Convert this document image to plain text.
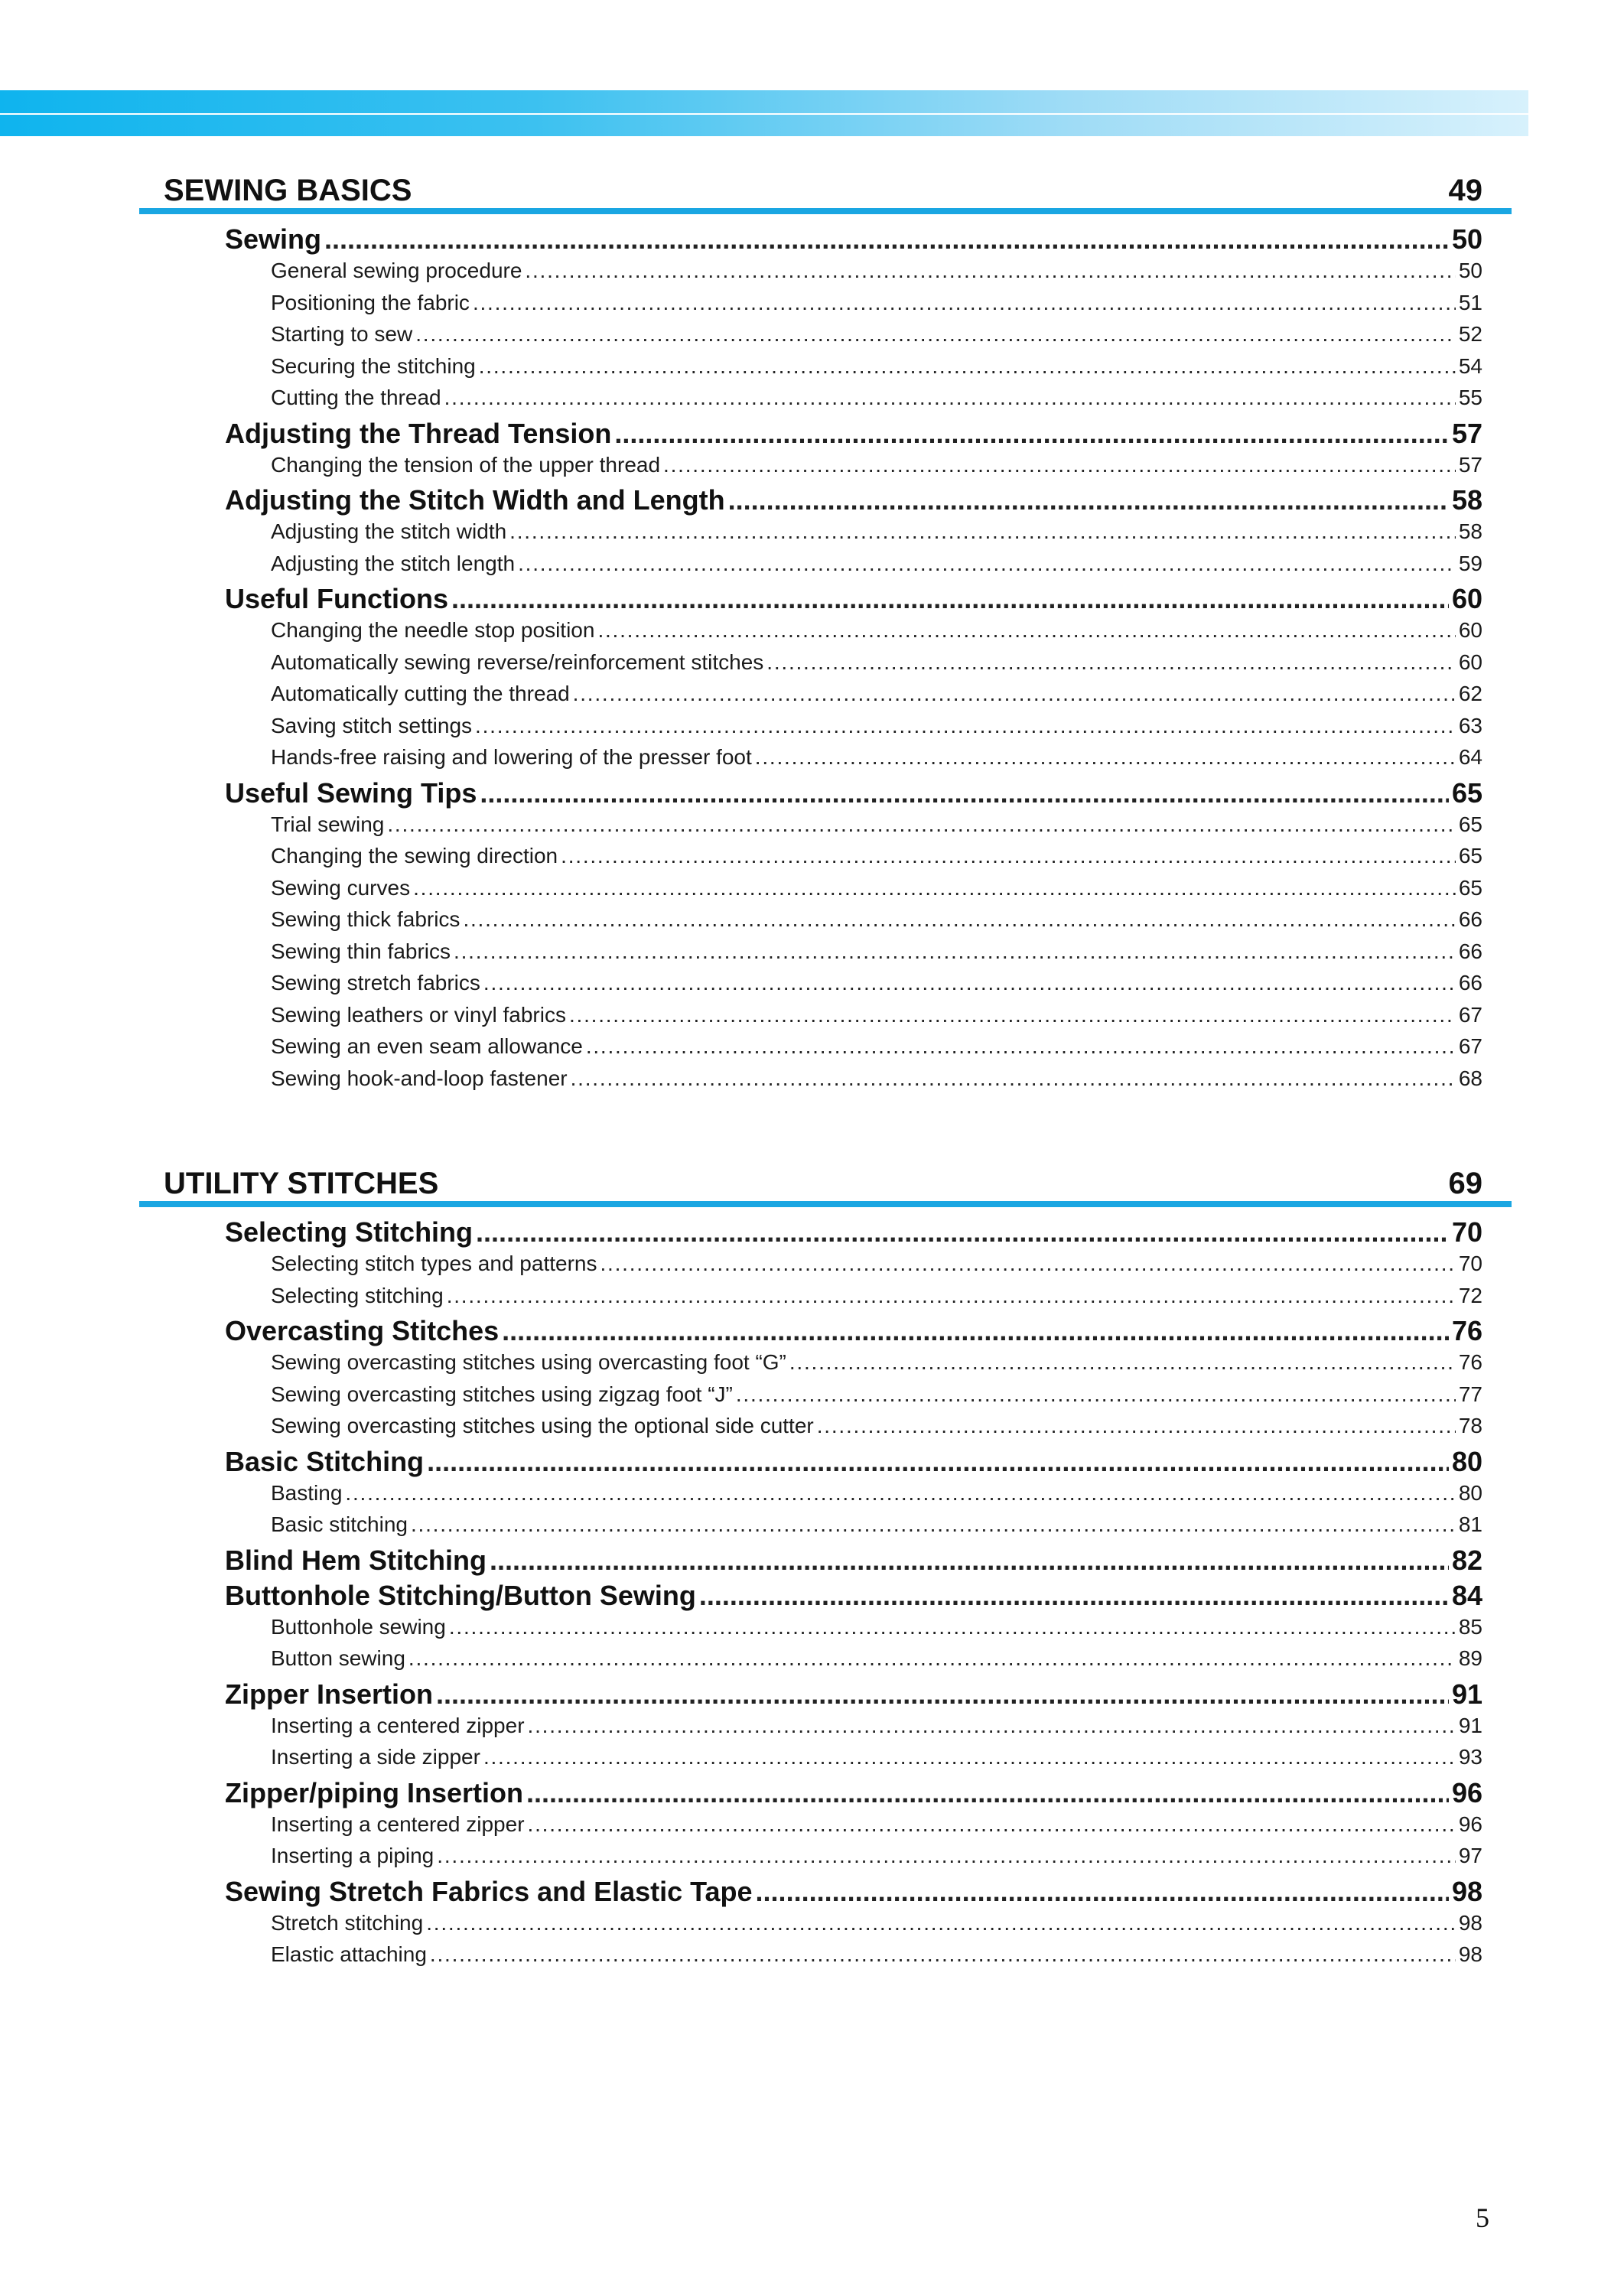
SEWING BASICS	49
Sewing . . .	50
General sewing procedure . . .	50
Positioning the fabric . . .	51
Starting to sew . . .	52
Securing the stitching . . .	54
Cutting the thread . . .	55
Adjusting the Thread Tension . . .	57
Changing the tension of the upper thread . . .	57
Adjusting the Stitch Width and Length . . .	58
Adjusting the stitch width . . .	58
Adjusting the stitch length . . .	59
Useful Functions . . .	60
Changing the needle stop position . . .	60
Automatically sewing reverse/reinforcement stitches . . .	60
Automatically cutting the thread . . .	62
Saving stitch settings . . .	63
Hands-free raising and lowering of the presser foot . . .	64
Useful Sewing Tips . . .	65
Trial sewing . . .	65
Changing the sewing direction . . .	65
Sewing curves . . .	65
Sewing thick fabrics . . .	66
Sewing thin fabrics . . .	66
Sewing stretch fabrics . . .	66
Sewing leathers or vinyl fabrics . . .	67
Sewing an even seam allowance . . .	67
Sewing hook-and-loop fastener . . .	68
UTILITY STITCHES	69
Selecting Stitching . . .	70
Selecting stitch types and patterns . . .	70
Selecting stitching . . .	72
Overcasting Stitches . . .	76
Sewing overcasting stitches using overcasting foot “G” . . .	76
Sewing overcasting stitches using zigzag foot “J” . . .	77
Sewing overcasting stitches using the optional side cutter . . .	78
Basic Stitching . . .	80
Basting . . .	80
Basic stitching . . .	81
Blind Hem Stitching . . .	82
Buttonhole Stitching/Button Sewing . . .	84
Buttonhole sewing . . .	85
Button sewing . . .	89
Zipper Insertion . . .	91
Inserting a centered zipper . . .	91
Inserting a side zipper . . .	93
Zipper/piping Insertion . . .	96
Inserting a centered zipper . . .	96
Inserting a piping . . .	97
Sewing Stretch Fabrics and Elastic Tape . . .	98
Stretch stitching . . .	98
Elastic attaching . . .	98
5
